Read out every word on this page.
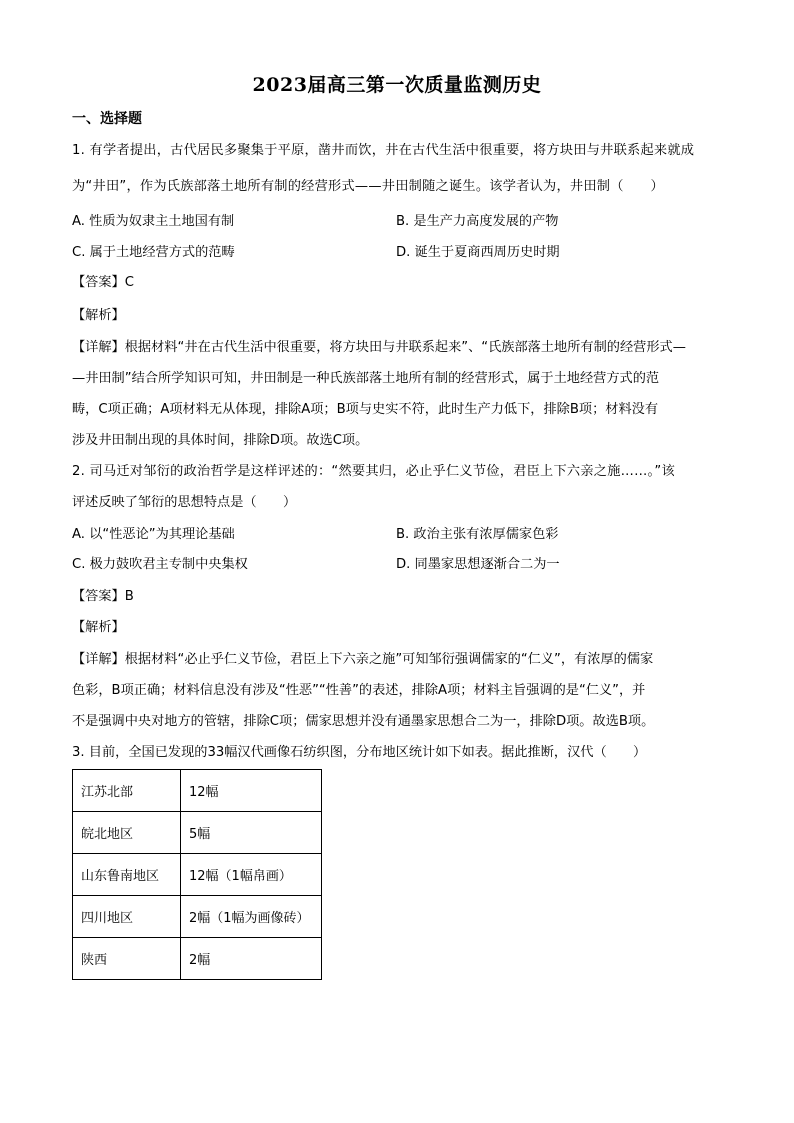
2023届高三第一次质量监测历史
一、选择题
1. 有学者提出，古代居民多聚集于平原，凿井而饮，井在古代生活中很重要，将方块田与井联系起来就成
为“井田”，作为氏族部落土地所有制的经营形式——井田制随之诞生。该学者认为，井田制（　　）
A. 性质为奴隶主土地国有制	B. 是生产力高度发展的产物
C. 属于土地经营方式的范畴	D. 诞生于夏商西周历史时期
【答案】C
【解析】
【详解】根据材料“井在古代生活中很重要，将方块田与井联系起来”、“氏族部落土地所有制的经营形式—
—井田制”结合所学知识可知，井田制是一种氏族部落土地所有制的经营形式，属于土地经营方式的范
畴，C项正确；A项材料无从体现，排除A项；B项与史实不符，此时生产力低下，排除B项；材料没有
涉及井田制出现的具体时间，排除D项。故选C项。
2. 司马迁对邹衍的政治哲学是这样评述的：“然要其归，必止乎仁义节俭，君臣上下六亲之施……。”该
评述反映了邹衍的思想特点是（　　）
A. 以“性恶论”为其理论基础	B. 政治主张有浓厚儒家色彩
C. 极力鼓吹君主专制中央集权	D. 同墨家思想逐渐合二为一
【答案】B
【解析】
【详解】根据材料“必止乎仁义节俭，君臣上下六亲之施”可知邹衍强调儒家的“仁义”，有浓厚的儒家
色彩，B项正确；材料信息没有涉及“性恶”“性善”的表述，排除A项；材料主旨强调的是“仁义”，并
不是强调中央对地方的管辖，排除C项；儒家思想并没有通墨家思想合二为一，排除D项。故选B项。
3. 目前，全国已发现的33幅汉代画像石纺织图，分布地区统计如下如表。据此推断，汉代（　　）
江苏北部	12幅
皖北地区	5幅
山东鲁南地区	12幅（1幅帛画）
四川地区	2幅（1幅为画像砖）
陕西	2幅
